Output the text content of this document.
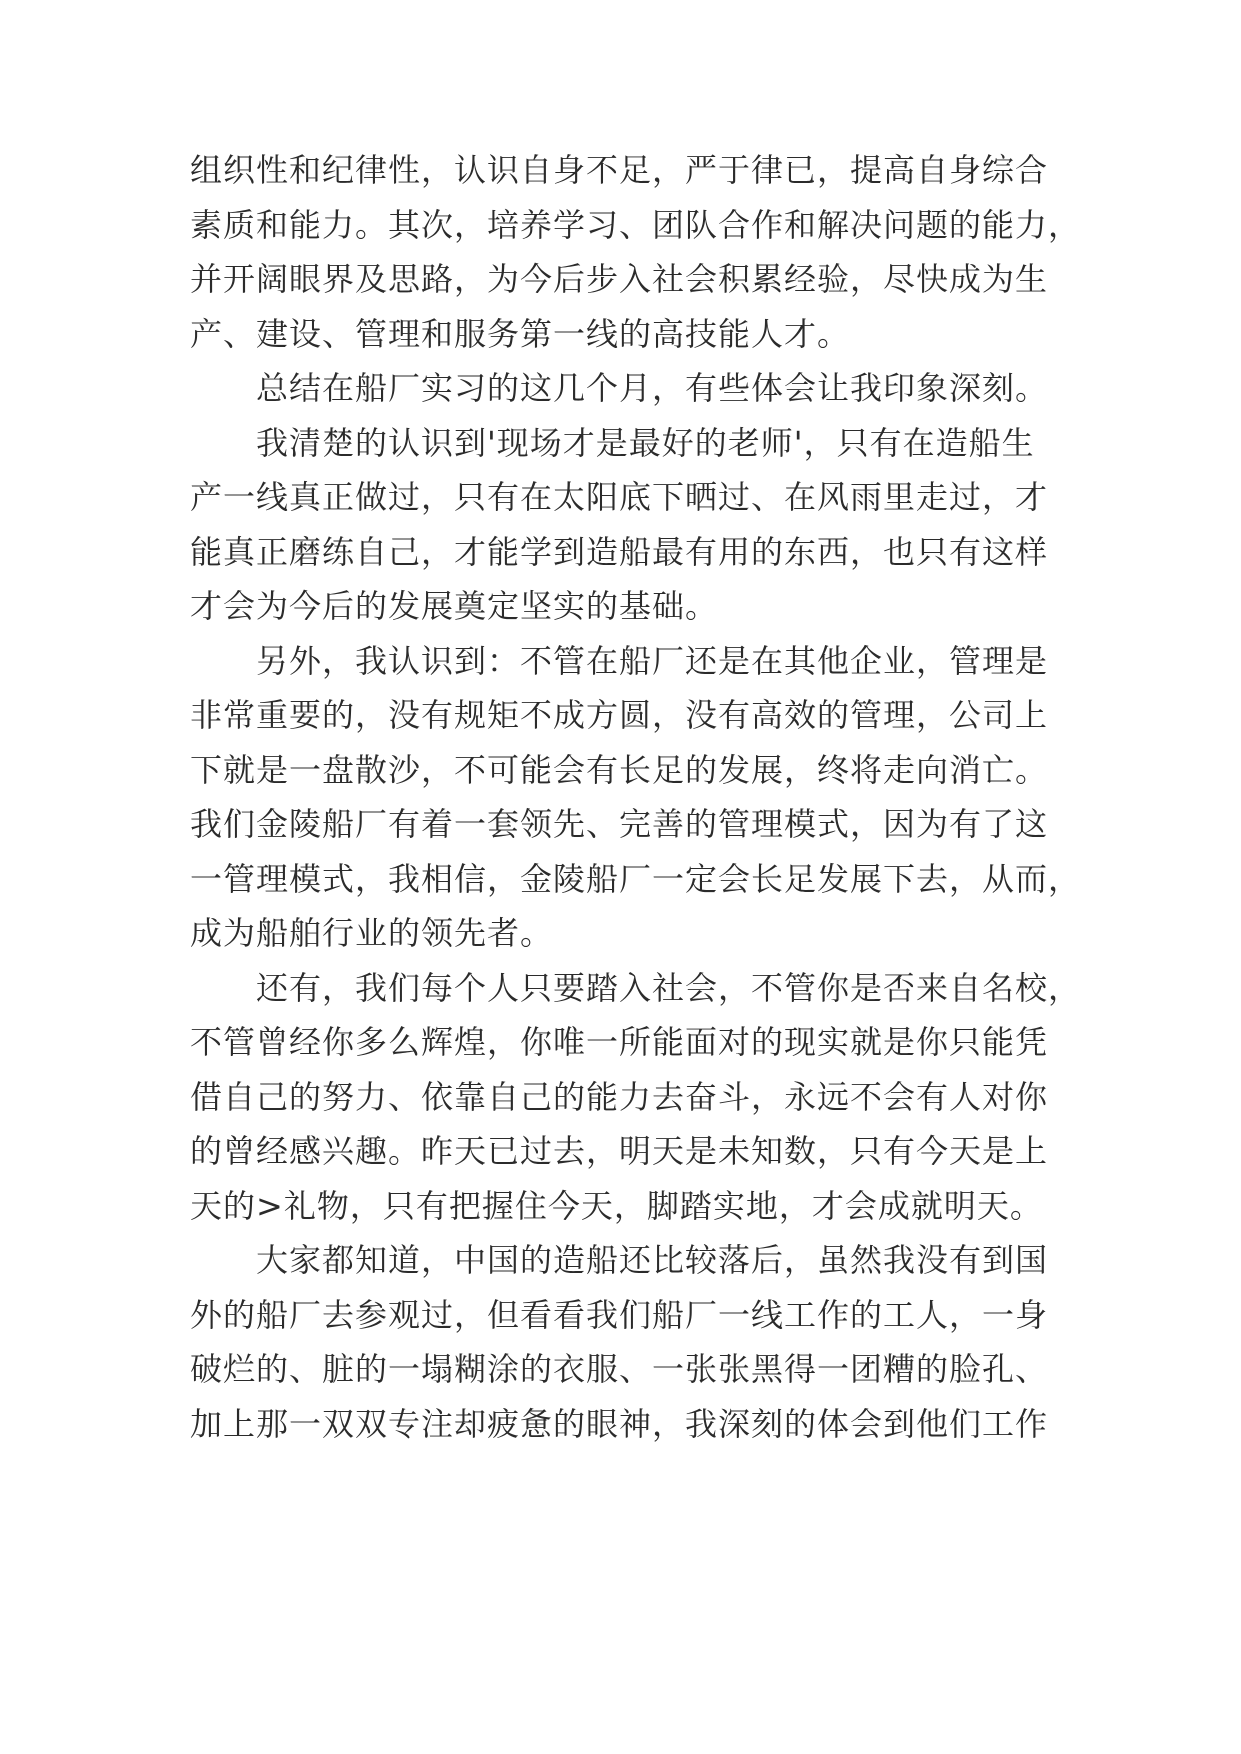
组织性和纪律性，认识自身不足，严于律已，提高自身综合
素质和能力。其次，培养学习、团队合作和解决问题的能力，
并开阔眼界及思路，为今后步入社会积累经验，尽快成为生
产、建设、管理和服务第一线的高技能人才。
总结在船厂实习的这几个月，有些体会让我印象深刻。
我清楚的认识到'现场才是最好的老师'，只有在造船生
产一线真正做过，只有在太阳底下晒过、在风雨里走过，才
能真正磨练自己，才能学到造船最有用的东西，也只有这样
才会为今后的发展奠定坚实的基础。
另外，我认识到：不管在船厂还是在其他企业，管理是
非常重要的，没有规矩不成方圆，没有高效的管理，公司上
下就是一盘散沙，不可能会有长足的发展，终将走向消亡。
我们金陵船厂有着一套领先、完善的管理模式，因为有了这
一管理模式，我相信，金陵船厂一定会长足发展下去，从而，
成为船舶行业的领先者。
还有，我们每个人只要踏入社会，不管你是否来自名校，
不管曾经你多么辉煌，你唯一所能面对的现实就是你只能凭
借自己的努力、依靠自己的能力去奋斗，永远不会有人对你
的曾经感兴趣。昨天已过去，明天是未知数，只有今天是上
天的>礼物，只有把握住今天，脚踏实地，才会成就明天。
大家都知道，中国的造船还比较落后，虽然我没有到国
外的船厂去参观过，但看看我们船厂一线工作的工人，一身
破烂的、脏的一塌糊涂的衣服、一张张黑得一团糟的脸孔、
加上那一双双专注却疲惫的眼神，我深刻的体会到他们工作
